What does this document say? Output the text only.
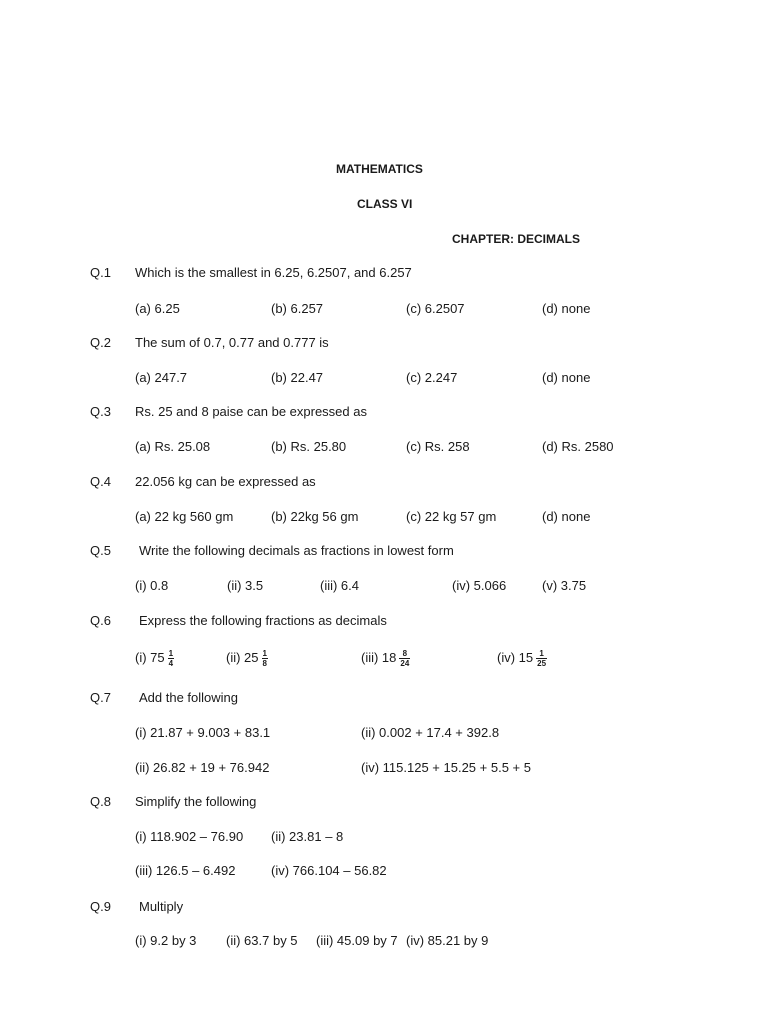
MATHEMATICS
CLASS VI
CHAPTER: DECIMALS
Q.1 Which is the smallest in 6.25, 6.2507, and 6.257
(a) 6.25	(b) 6.257	(c) 6.2507	(d) none
Q.2 The sum of 0.7, 0.77 and 0.777 is
(a) 247.7	(b) 22.47	(c) 2.247	(d) none
Q.3 Rs. 25 and 8 paise can be expressed as
(a) Rs. 25.08	(b) Rs. 25.80	(c) Rs. 258	(d) Rs. 2580
Q.4 22.056 kg can be expressed as
(a) 22 kg 560 gm	(b) 22kg 56 gm	(c) 22 kg 57 gm	(d) none
Q.5 Write the following decimals as fractions in lowest form
(i) 0.8	(ii) 3.5	(iii) 6.4	(iv) 5.066	(v) 3.75
Q.6 Express the following fractions as decimals
(i) $75 \frac{1}{4}$	(ii) $25 \frac{1}{8}$	(iii) $18 \frac{8}{24}$	(iv) $15 \frac{1}{25}$
Q.7 Add the following
(i) 21.87 + 9.003 + 83.1	(ii) 0.002 + 17.4 + 392.8
(ii) 26.82 + 19 + 76.942	(iv) 115.125 + 15.25 + 5.5 + 5
Q.8 Simplify the following
(i) 118.902 – 76.90 (ii) 23.81 – 8
(iii) 126.5 – 6.492	(iv) 766.104 – 56.82
Q.9 Multiply
(i) 9.2 by 3 (ii) 63.7 by 5 (iii) 45.09 by 7 (iv) 85.21 by 9
